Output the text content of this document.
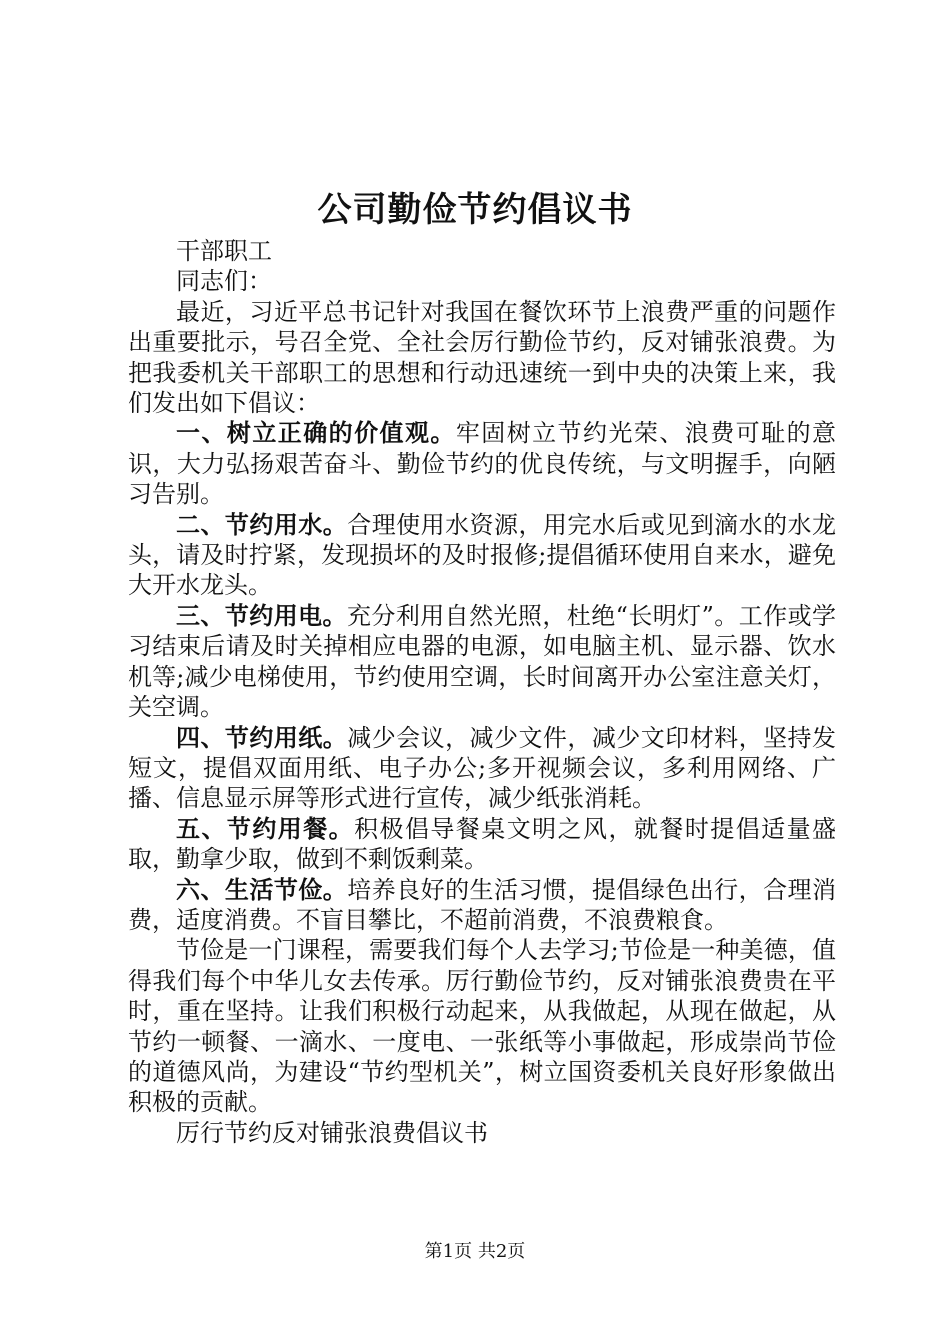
公司勤俭节约倡议书

干部职工

同志们：

最近，习近平总书记针对我国在餐饮环节上浪费严重的问题作出重要批示，号召全党、全社会厉行勤俭节约，反对铺张浪费。为把我委机关干部职工的思想和行动迅速统一到中央的决策上来，我们发出如下倡议：

一、树立正确的价值观。牢固树立节约光荣、浪费可耻的意识，大力弘扬艰苦奋斗、勤俭节约的优良传统，与文明握手，向陋习告别。

二、节约用水。合理使用水资源，用完水后或见到滴水的水龙头，请及时拧紧，发现损坏的及时报修;提倡循环使用自来水，避免大开水龙头。

三、节约用电。充分利用自然光照，杜绝“长明灯”。工作或学习结束后请及时关掉相应电器的电源，如电脑主机、显示器、饮水机等;减少电梯使用，节约使用空调，长时间离开办公室注意关灯，关空调。

四、节约用纸。减少会议，减少文件，减少文印材料，坚持发短文，提倡双面用纸、电子办公;多开视频会议，多利用网络、广播、信息显示屏等形式进行宣传，减少纸张消耗。

五、节约用餐。积极倡导餐桌文明之风，就餐时提倡适量盛取，勤拿少取，做到不剩饭剩菜。

六、生活节俭。培养良好的生活习惯，提倡绿色出行，合理消费，适度消费。不盲目攀比，不超前消费，不浪费粮食。

节俭是一门课程，需要我们每个人去学习;节俭是一种美德，值得我们每个中华儿女去传承。厉行勤俭节约，反对铺张浪费贵在平时，重在坚持。让我们积极行动起来，从我做起，从现在做起，从节约一顿餐、一滴水、一度电、一张纸等小事做起，形成崇尚节俭的道德风尚，为建设“节约型机关”，树立国资委机关良好形象做出积极的贡献。

厉行节约反对铺张浪费倡议书

第1页 共2页
